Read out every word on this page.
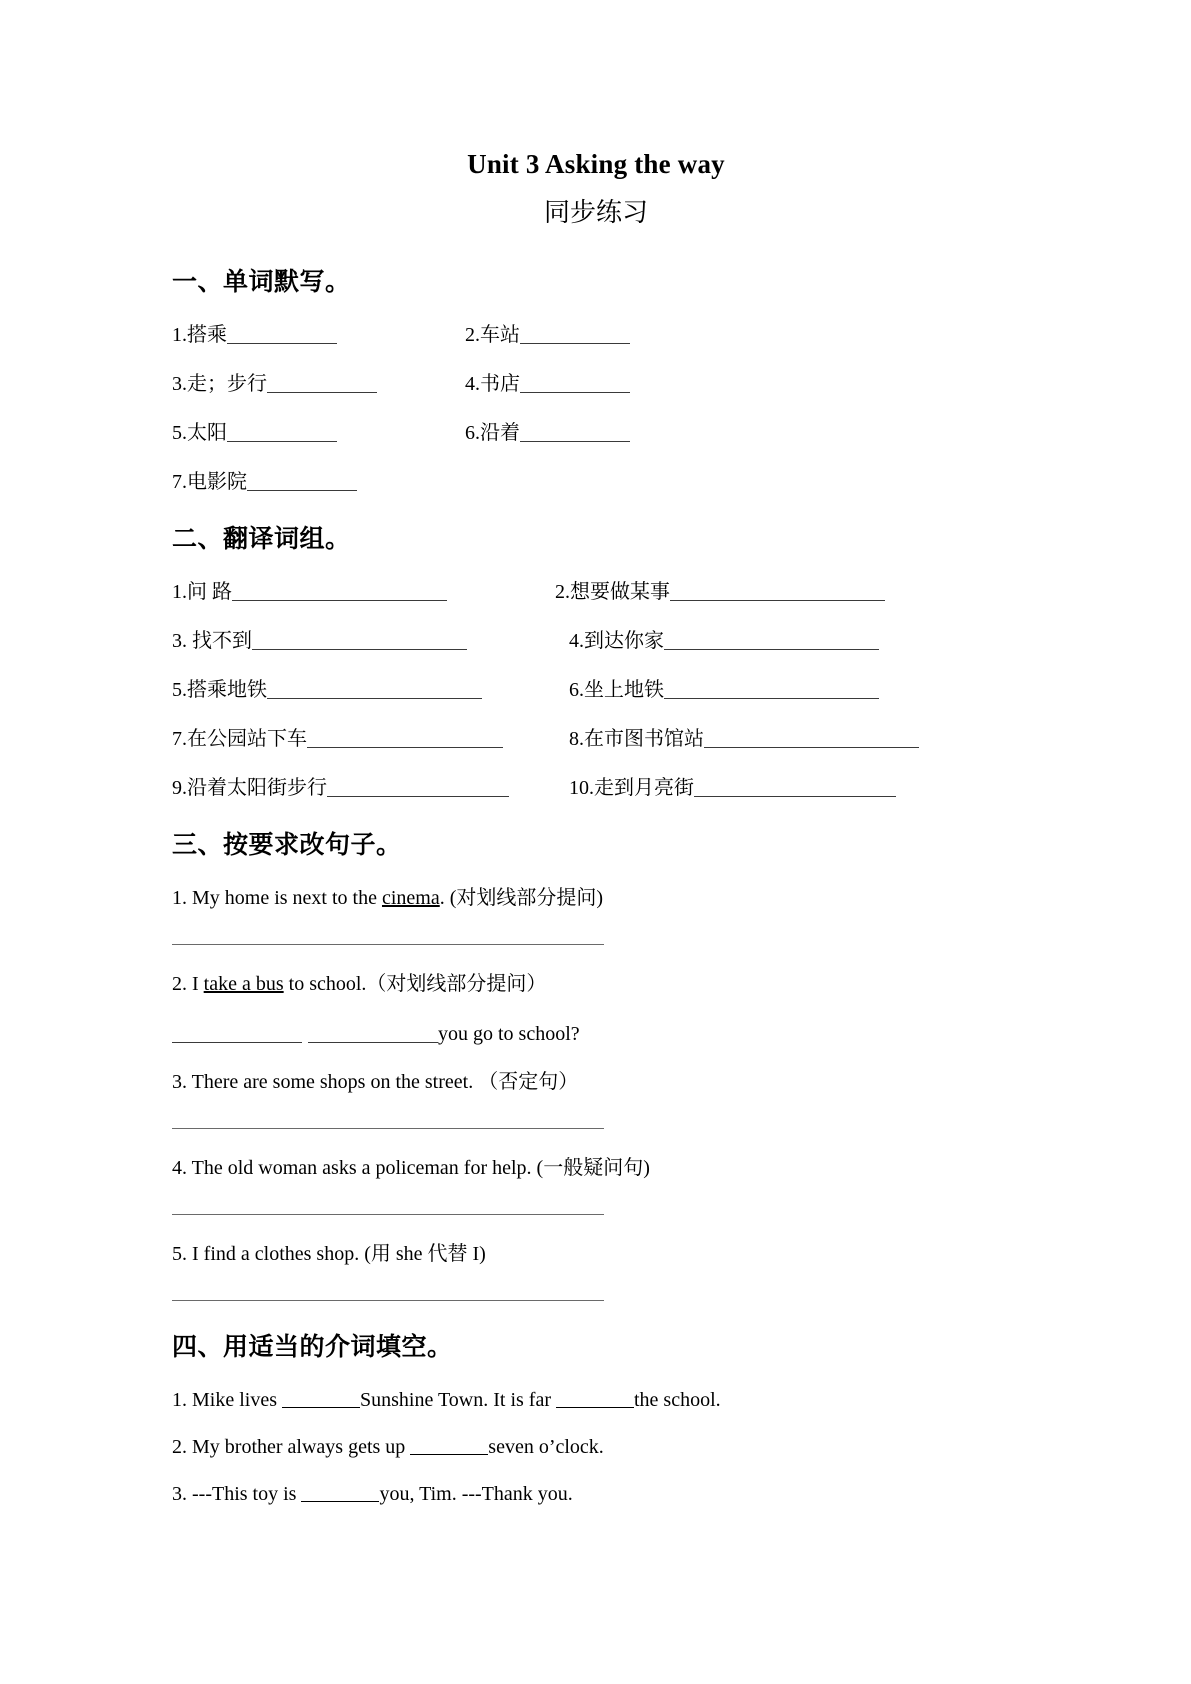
Unit 3 Asking the way
同步练习
一、单词默写。
1.搭乘	2.车站
3.走；步行	4.书店
5.太阳	6.沿着
7.电影院
二、翻译词组。
1.问 路	2.想要做某事
3. 找不到	4.到达你家
5.搭乘地铁	6.坐上地铁
7.在公园站下车	8.在市图书馆站
9.沿着太阳街步行	10.走到月亮街
三、按要求改句子。
1. My home is next to the cinema. (对划线部分提问)
2. I take a bus to school.（对划线部分提问）
you go to school?
3. There are some shops on the street. （否定句）
4. The old woman asks a policeman for help. (一般疑问句)
5. I find a clothes shop. (用 she 代替 I)
四、用适当的介词填空。
1. Mike lives	Sunshine Town. It is far	the school.
2. My brother always gets up	seven o’clock.
3. ---This toy is	you, Tim. ---Thank you.
